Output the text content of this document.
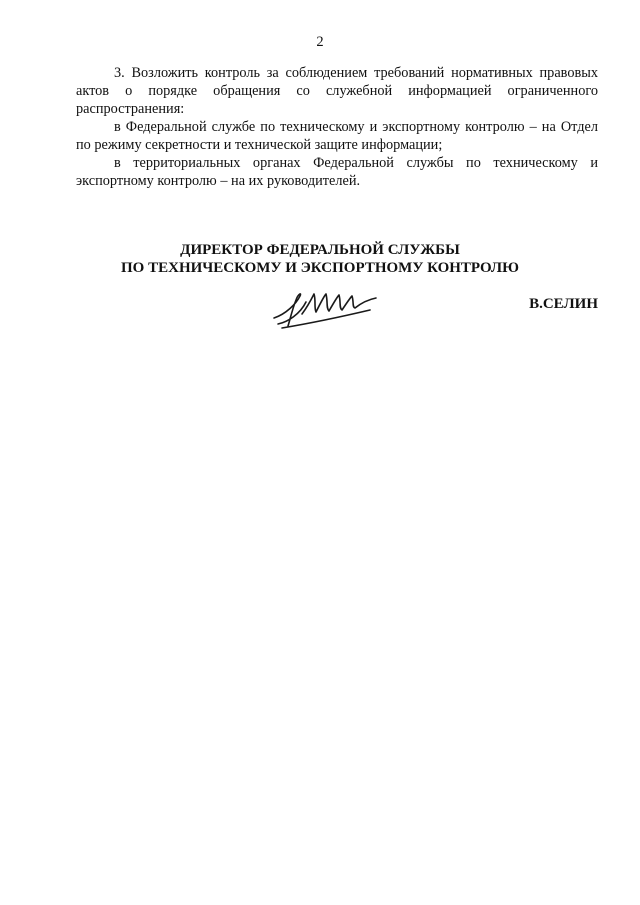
2

3. Возложить контроль за соблюдением требований нормативных правовых актов о порядке обращения со служебной информацией ограниченного распространения:

в Федеральной службе по техническому и экспортному контролю – на Отдел по режиму секретности и технической защите информации;

в территориальных органах Федеральной службы по техническому и экспортному контролю – на их руководителей.

ДИРЕКТОР ФЕДЕРАЛЬНОЙ СЛУЖБЫ
ПО ТЕХНИЧЕСКОМУ И ЭКСПОРТНОМУ КОНТРОЛЮ
В.СЕЛИН
